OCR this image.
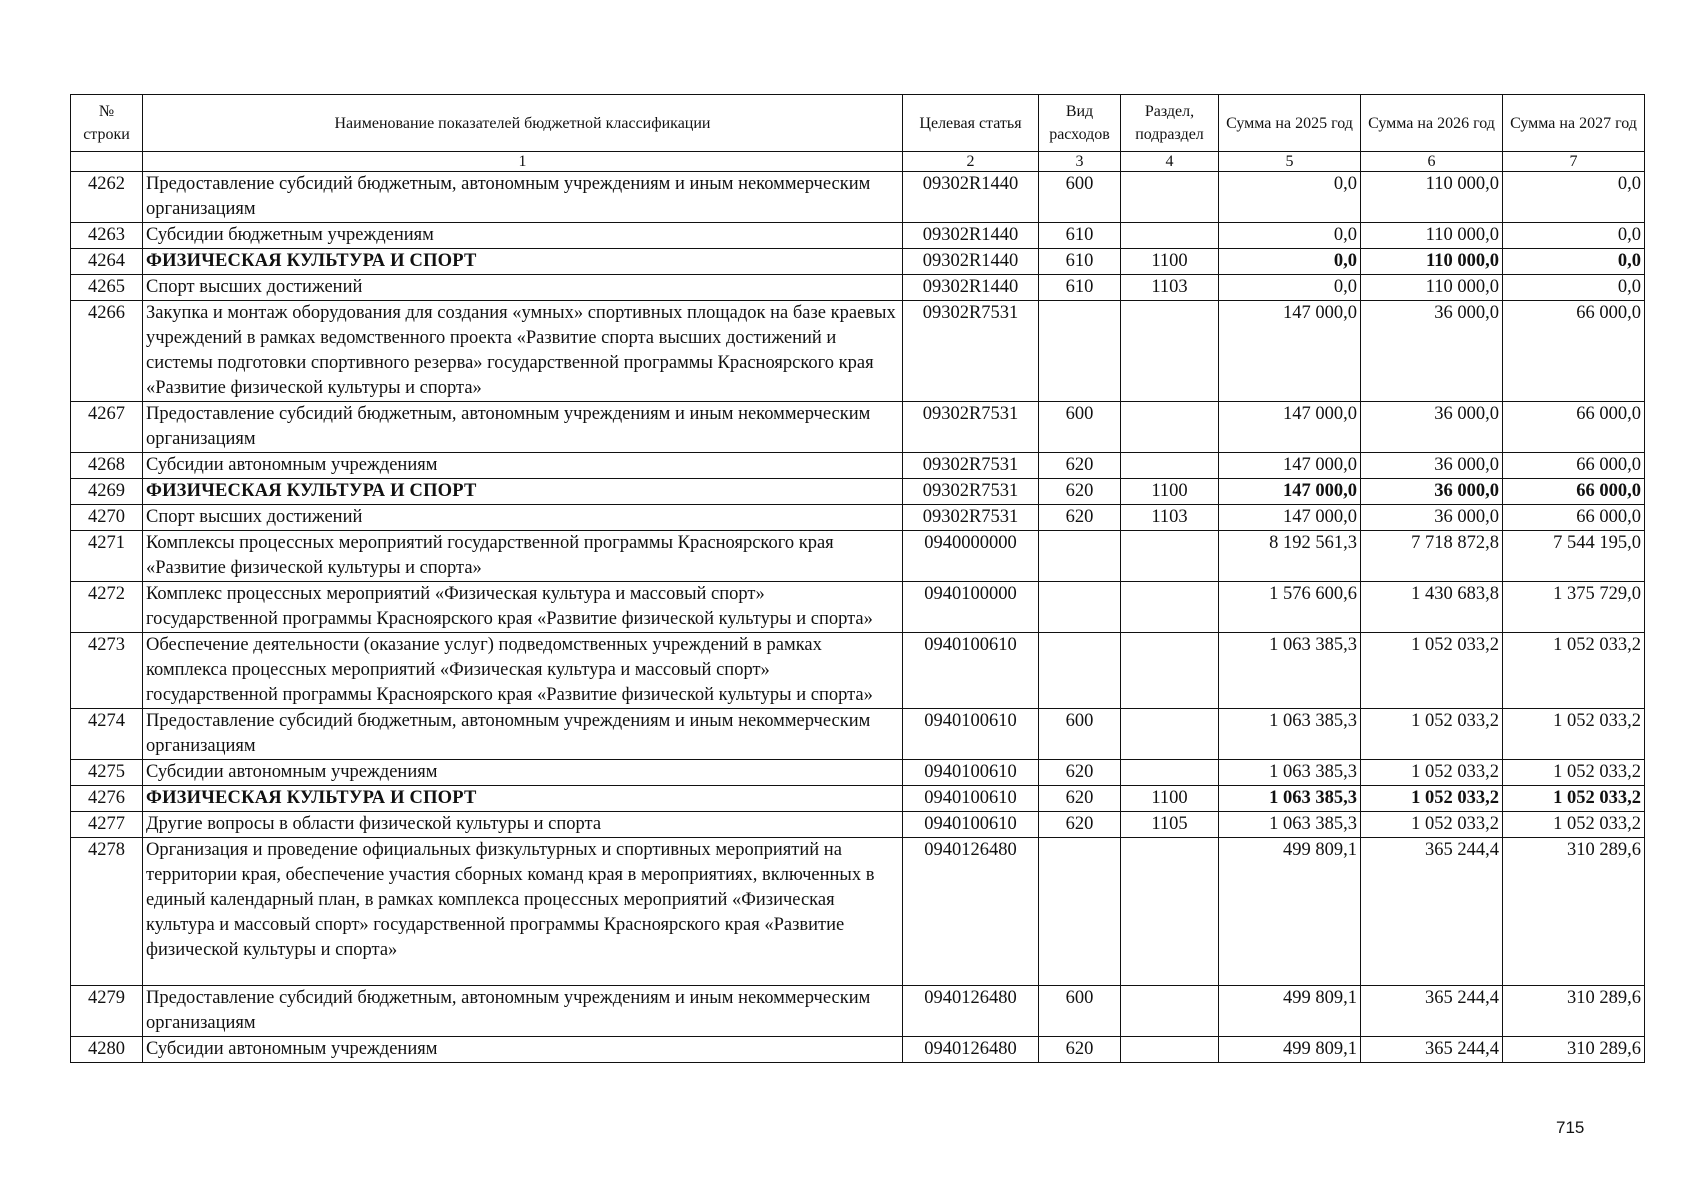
№ строки	Наименование показателей бюджетной классификации	Целевая статья	Вид расходов	Раздел, подраздел	Сумма на 2025 год	Сумма на 2026 год	Сумма на 2027 год
	1	2	3	4	5	6	7
4262	Предоставление субсидий бюджетным, автономным учреждениям и иным некоммерческим организациям	09302R1440	600		0,0	110 000,0	0,0
4263	Субсидии бюджетным учреждениям	09302R1440	610		0,0	110 000,0	0,0
4264	ФИЗИЧЕСКАЯ КУЛЬТУРА И СПОРТ	09302R1440	610	1100	0,0	110 000,0	0,0
4265	Спорт высших достижений	09302R1440	610	1103	0,0	110 000,0	0,0
4266	Закупка и монтаж оборудования для создания «умных» спортивных площадок на базе краевых учреждений в рамках ведомственного проекта «Развитие спорта высших достижений и системы подготовки спортивного резерва» государственной программы Красноярского края «Развитие физической культуры и спорта»	09302R7531			147 000,0	36 000,0	66 000,0
4267	Предоставление субсидий бюджетным, автономным учреждениям и иным некоммерческим организациям	09302R7531	600		147 000,0	36 000,0	66 000,0
4268	Субсидии автономным учреждениям	09302R7531	620		147 000,0	36 000,0	66 000,0
4269	ФИЗИЧЕСКАЯ КУЛЬТУРА И СПОРТ	09302R7531	620	1100	147 000,0	36 000,0	66 000,0
4270	Спорт высших достижений	09302R7531	620	1103	147 000,0	36 000,0	66 000,0
4271	Комплексы процессных мероприятий государственной программы Красноярского края «Развитие физической культуры и спорта»	0940000000			8 192 561,3	7 718 872,8	7 544 195,0
4272	Комплекс процессных мероприятий «Физическая культура и массовый спорт» государственной программы Красноярского края «Развитие физической культуры и спорта»	0940100000			1 576 600,6	1 430 683,8	1 375 729,0
4273	Обеспечение деятельности (оказание услуг) подведомственных учреждений в рамках комплекса процессных мероприятий «Физическая культура и массовый спорт» государственной программы Красноярского края «Развитие физической культуры и спорта»	0940100610			1 063 385,3	1 052 033,2	1 052 033,2
4274	Предоставление субсидий бюджетным, автономным учреждениям и иным некоммерческим организациям	0940100610	600		1 063 385,3	1 052 033,2	1 052 033,2
4275	Субсидии автономным учреждениям	0940100610	620		1 063 385,3	1 052 033,2	1 052 033,2
4276	ФИЗИЧЕСКАЯ КУЛЬТУРА И СПОРТ	0940100610	620	1100	1 063 385,3	1 052 033,2	1 052 033,2
4277	Другие вопросы в области физической культуры и спорта	0940100610	620	1105	1 063 385,3	1 052 033,2	1 052 033,2
4278	Организация и проведение официальных физкультурных и спортивных мероприятий на территории края, обеспечение участия сборных команд края в мероприятиях, включенных в единый календарный план, в рамках комплекса процессных мероприятий «Физическая культура и массовый спорт» государственной программы Красноярского края «Развитие физической культуры и спорта»	0940126480			499 809,1	365 244,4	310 289,6
4279	Предоставление субсидий бюджетным, автономным учреждениям и иным некоммерческим организациям	0940126480	600		499 809,1	365 244,4	310 289,6
4280	Субсидии автономным учреждениям	0940126480	620		499 809,1	365 244,4	310 289,6
715
